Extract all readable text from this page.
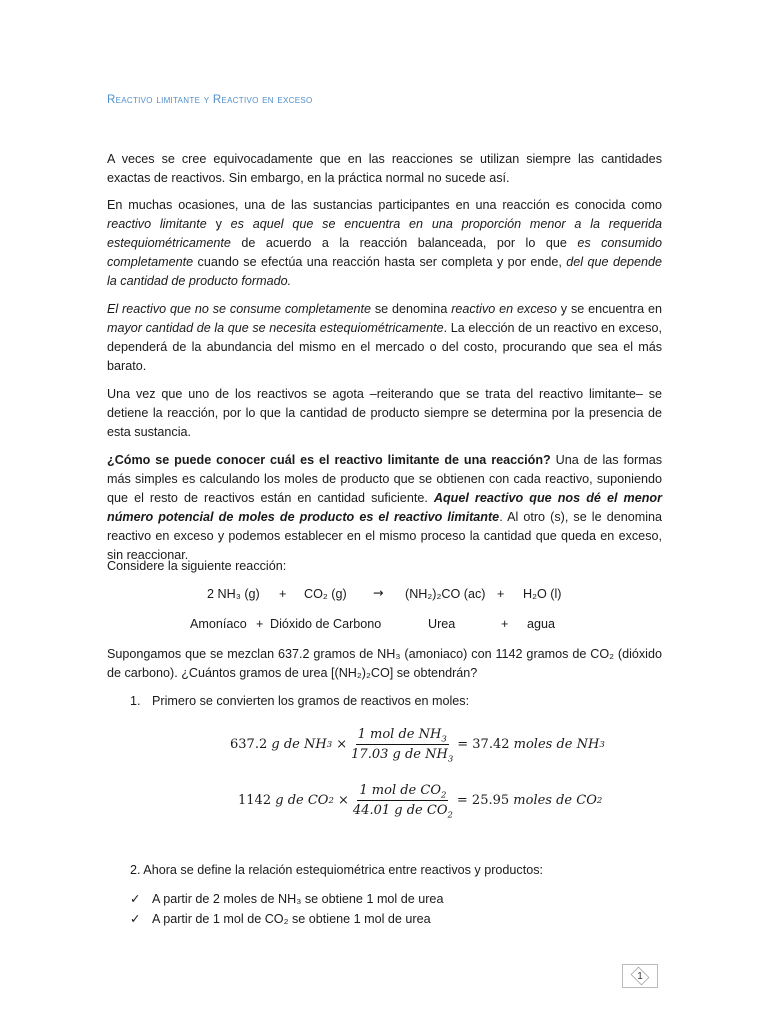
Reactivo limitante y Reactivo en exceso

A veces se cree equivocadamente que en las reacciones se utilizan siempre las cantidades exactas de reactivos. Sin embargo, en la práctica normal no sucede así.

En muchas ocasiones, una de las sustancias participantes en una reacción es conocida como reactivo limitante y es aquel que se encuentra en una proporción menor a la requerida estequiométricamente de acuerdo a la reacción balanceada, por lo que es consumido completamente cuando se efectúa una reacción hasta ser completa y por ende, del que depende la cantidad de producto formado.

El reactivo que no se consume completamente se denomina reactivo en exceso y se encuentra en mayor cantidad de la que se necesita estequiométricamente. La elección de un reactivo en exceso, dependerá de la abundancia del mismo en el mercado o del costo, procurando que sea el más barato.

Una vez que uno de los reactivos se agota –reiterando que se trata del reactivo limitante– se detiene la reacción, por lo que la cantidad de producto siempre se determina por la presencia de esta sustancia.

¿Cómo se puede conocer cuál es el reactivo limitante de una reacción? Una de las formas más simples es calculando los moles de producto que se obtienen con cada reactivo, suponiendo que el resto de reactivos están en cantidad suficiente. Aquel reactivo que nos dé el menor número potencial de moles de producto es el reactivo limitante. Al otro (s), se le denomina reactivo en exceso y podemos establecer en el mismo proceso la cantidad que queda en exceso, sin reaccionar.

Considere la siguiente reacción:

2 NH₃ (g) + CO₂ (g) → (NH₂)₂CO (ac) + H₂O (l)
Amoníaco + Dióxido de Carbono	Urea	+ agua

Supongamos que se mezclan 637.2 gramos de NH₃ (amoniaco) con 1142 gramos de CO₂ (dióxido de carbono). ¿Cuántos gramos de urea [(NH₂)₂CO] se obtendrán?

1. Primero se convierten los gramos de reactivos en moles:
637.2
g de NH 3
× $\frac{1 mol de NH_3}{17.03 g de NH_3} = 37.42$
moles de NH 3
1142
g de CO 2
× $\frac{1 mol de CO_2}{44.01 g de CO_2} = 25.95$
moles de CO 2
2. Ahora se define la relación estequiométrica entre reactivos y productos:
✓ A partir de 2 moles de NH₃ se obtiene 1 mol de urea
✓ A partir de 1 mol de CO₂ se obtiene 1 mol de urea
1
